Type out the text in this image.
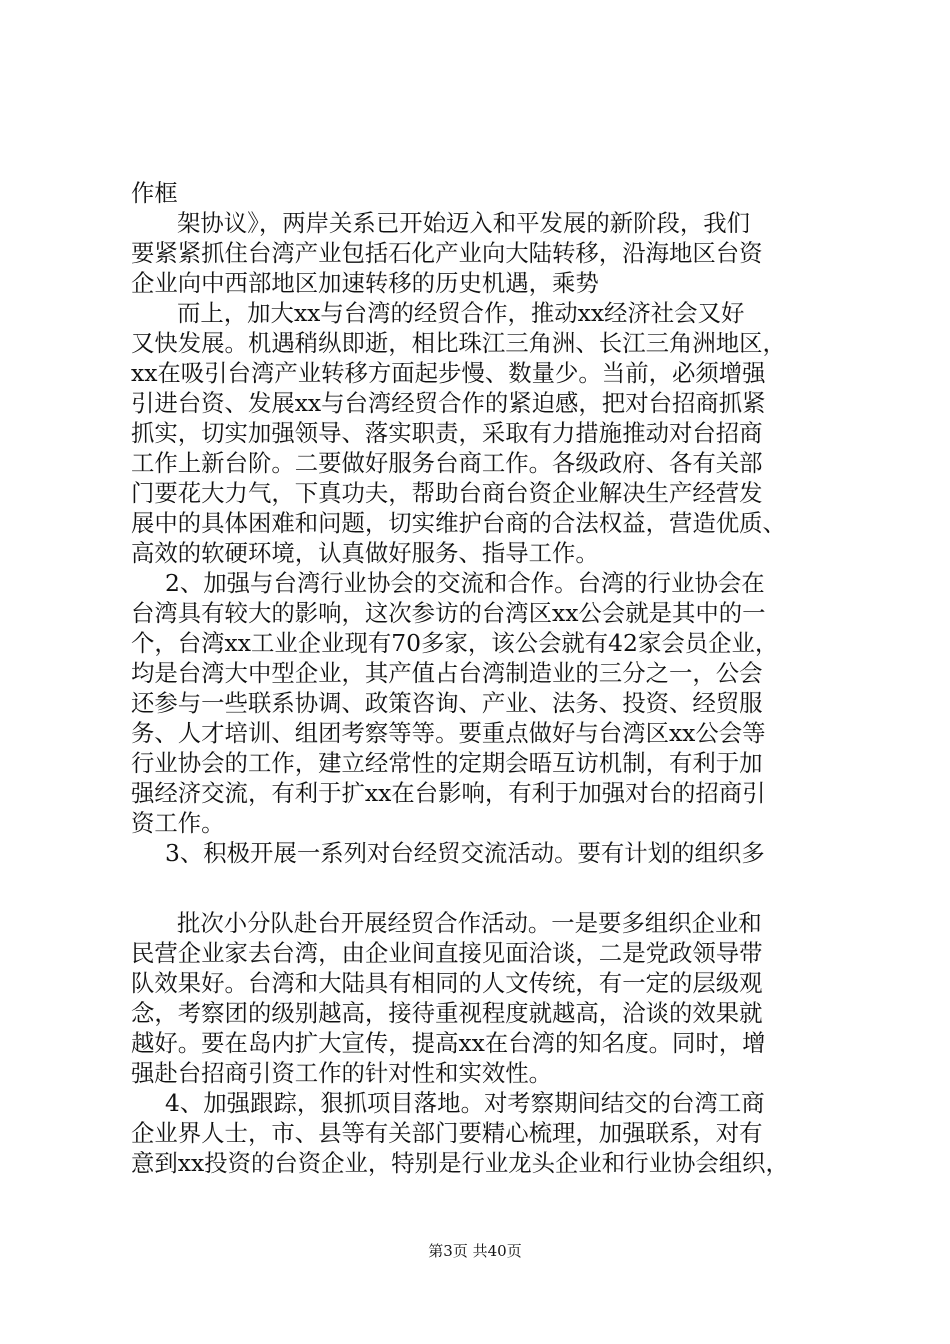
作框
架协议》，两岸关系已开始迈入和平发展的新阶段，我们
要紧紧抓住台湾产业包括石化产业向大陆转移，沿海地区台资
企业向中西部地区加速转移的历史机遇，乘势
而上，加大xx与台湾的经贸合作，推动xx经济社会又好
又快发展。机遇稍纵即逝，相比珠江三角洲、长江三角洲地区，
xx在吸引台湾产业转移方面起步慢、数量少。当前，必须增强
引进台资、发展xx与台湾经贸合作的紧迫感，把对台招商抓紧
抓实，切实加强领导、落实职责，采取有力措施推动对台招商
工作上新台阶。二要做好服务台商工作。各级政府、各有关部
门要花大力气，下真功夫，帮助台商台资企业解决生产经营发
展中的具体困难和问题，切实维护台商的合法权益，营造优质、
高效的软硬环境，认真做好服务、指导工作。
2、加强与台湾行业协会的交流和合作。台湾的行业协会在
台湾具有较大的影响，这次参访的台湾区xx公会就是其中的一
个，台湾xx工业企业现有70多家，该公会就有42家会员企业，
均是台湾大中型企业，其产值占台湾制造业的三分之一，公会
还参与一些联系协调、政策咨询、产业、法务、投资、经贸服
务、人才培训、组团考察等等。要重点做好与台湾区xx公会等
行业协会的工作，建立经常性的定期会晤互访机制，有利于加
强经济交流，有利于扩xx在台影响，有利于加强对台的招商引
资工作。
3、积极开展一系列对台经贸交流活动。要有计划的组织多
批次小分队赴台开展经贸合作活动。一是要多组织企业和
民营企业家去台湾，由企业间直接见面洽谈，二是党政领导带
队效果好。台湾和大陆具有相同的人文传统，有一定的层级观
念，考察团的级别越高，接待重视程度就越高，洽谈的效果就
越好。要在岛内扩大宣传，提高xx在台湾的知名度。同时，增
强赴台招商引资工作的针对性和实效性。
4、加强跟踪，狠抓项目落地。对考察期间结交的台湾工商
企业界人士，市、县等有关部门要精心梳理，加强联系，对有
意到xx投资的台资企业，特别是行业龙头企业和行业协会组织，
第3页 共40页
